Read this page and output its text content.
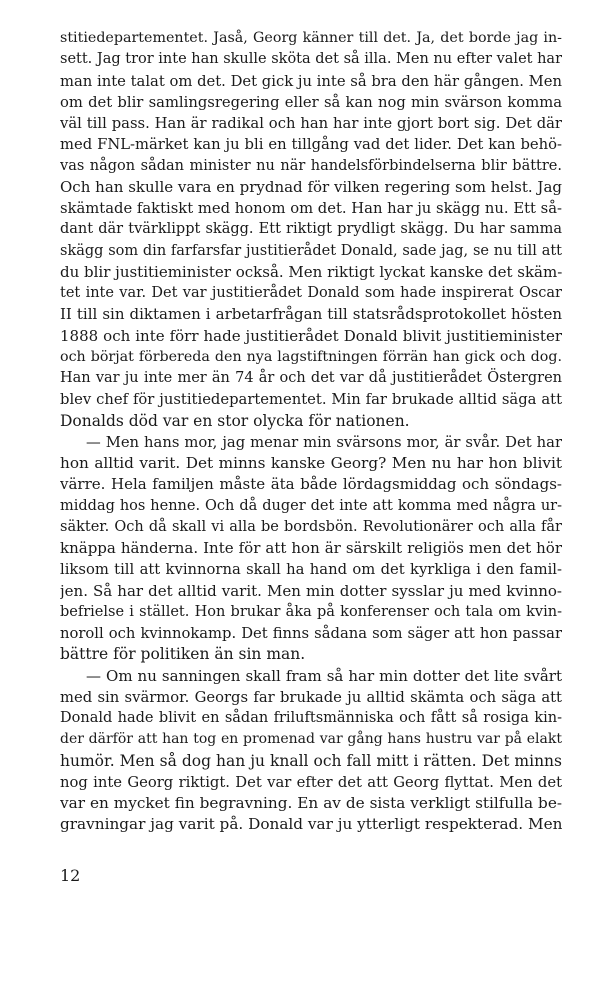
stitiedepartementet. Jaså, Georg känner till det. Ja, det borde jag in-
sett. Jag tror inte han skulle sköta det så illa. Men nu efter valet har
man inte talat om det. Det gick ju inte så bra den här gången. Men
om det blir samlingsregering eller så kan nog min svärson komma
väl till pass. Han är radikal och han har inte gjort bort sig. Det där
med FNL-märket kan ju bli en tillgång vad det lider. Det kan behö-
vas någon sådan minister nu när handelsförbindelserna blir bättre.
Och han skulle vara en prydnad för vilken regering som helst. Jag
skämtade faktiskt med honom om det. Han har ju skägg nu. Ett så-
dant där tvärklippt skägg. Ett riktigt prydligt skägg. Du har samma
skägg som din farfarsfar justitierådet Donald, sade jag, se nu till att
du blir justitieminister också. Men riktigt lyckat kanske det skäm-
tet inte var. Det var justitierådet Donald som hade inspirerat Oscar
II till sin diktamen i arbetarfrågan till statsrådsprotokollet hösten
1888 och inte förr hade justitierådet Donald blivit justitieminister
och börjat förbereda den nya lagstiftningen förrän han gick och dog.
Han var ju inte mer än 74 år och det var då justitierådet Östergren
blev chef för justitiedepartementet. Min far brukade alltid säga att
Donalds död var en stor olycka för nationen.
— Men hans mor, jag menar min svärsons mor, är svår. Det har
hon alltid varit. Det minns kanske Georg? Men nu har hon blivit
värre. Hela familjen måste äta både lördagsmiddag och söndags-
middag hos henne. Och då duger det inte att komma med några ur-
säkter. Och då skall vi alla be bordsbön. Revolutionärer och alla får
knäppa händerna. Inte för att hon är särskilt religiös men det hör
liksom till att kvinnorna skall ha hand om det kyrkliga i den famil-
jen. Så har det alltid varit. Men min dotter sysslar ju med kvinno-
befrielse i stället. Hon brukar åka på konferenser och tala om kvin-
noroll och kvinnokamp. Det finns sådana som säger att hon passar
bättre för politiken än sin man.
— Om nu sanningen skall fram så har min dotter det lite svårt
med sin svärmor. Georgs far brukade ju alltid skämta och säga att
Donald hade blivit en sådan friluftsmänniska och fått så rosiga kin-
der därför att han tog en promenad var gång hans hustru var på elakt
humör. Men så dog han ju knall och fall mitt i rätten. Det minns
nog inte Georg riktigt. Det var efter det att Georg flyttat. Men det
var en mycket fin begravning. En av de sista verkligt stilfulla be-
gravningar jag varit på. Donald var ju ytterligt respekterad. Men
12
